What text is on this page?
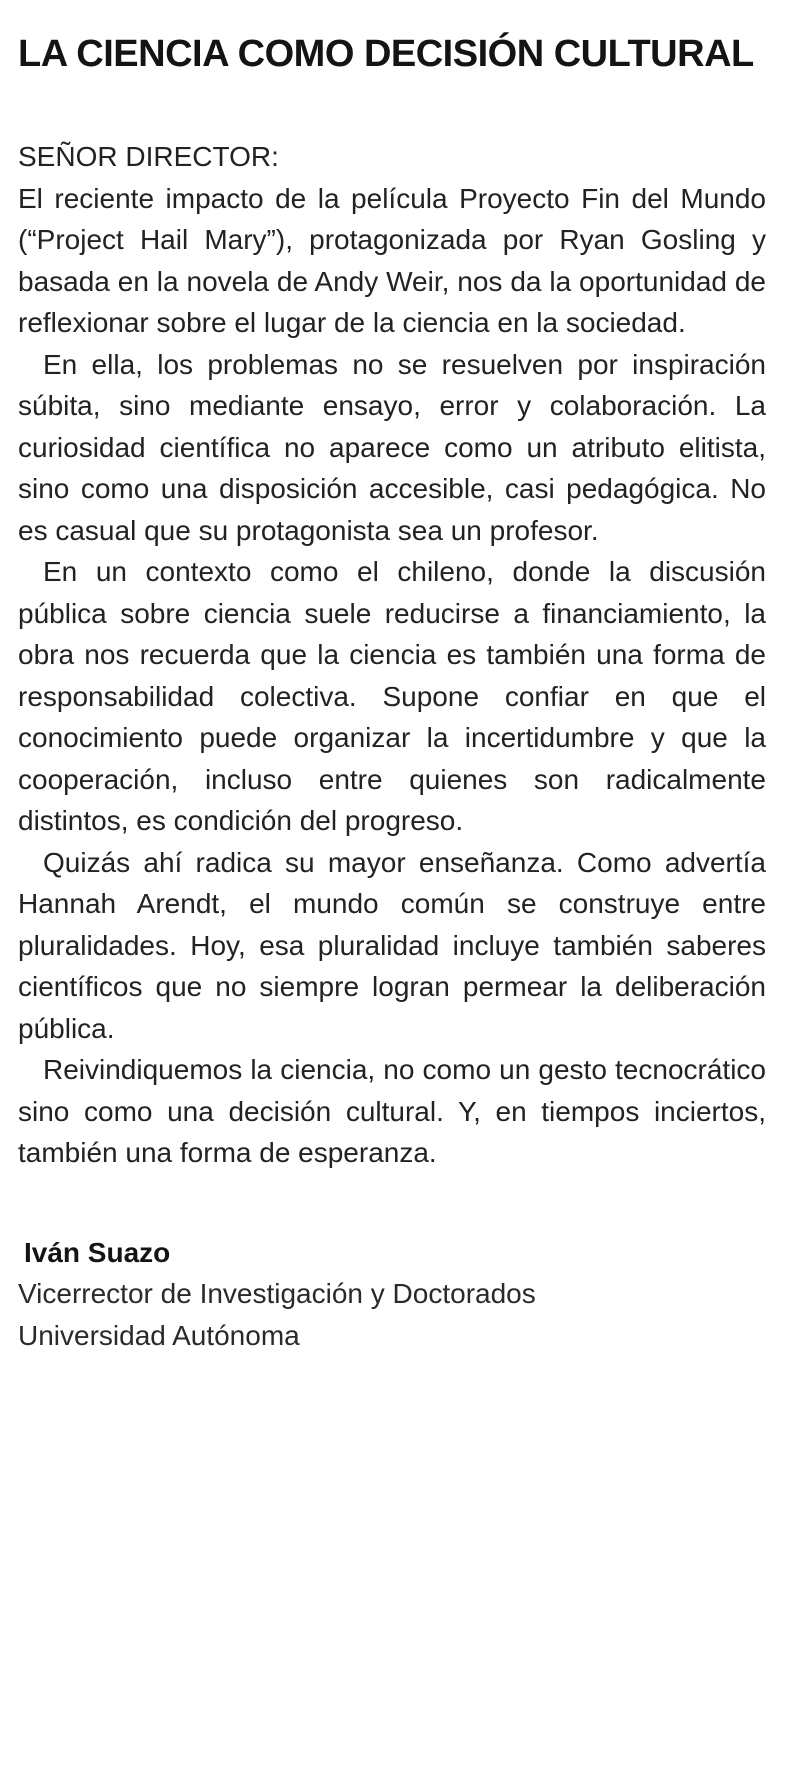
LA CIENCIA COMO DECISIÓN CULTURAL

SEÑOR DIRECTOR:

El reciente impacto de la película Proyecto Fin del Mundo (“Project Hail Mary”), protagonizada por Ryan Gosling y basada en la novela de Andy Weir, nos da la oportunidad de reflexionar sobre el lugar de la ciencia en la sociedad.

En ella, los problemas no se resuelven por inspiración súbita, sino mediante ensayo, error y colaboración. La curiosidad científica no aparece como un atributo elitista, sino como una disposición accesible, casi pedagógica. No es casual que su protagonista sea un profesor.

En un contexto como el chileno, donde la discusión pública sobre ciencia suele reducirse a financiamiento, la obra nos recuerda que la ciencia es también una forma de responsabilidad colectiva. Supone confiar en que el conocimiento puede organizar la incertidumbre y que la cooperación, incluso entre quienes son radicalmente distintos, es condición del progreso.

Quizás ahí radica su mayor enseñanza. Como advertía Hannah Arendt, el mundo común se construye entre pluralidades. Hoy, esa pluralidad incluye también saberes científicos que no siempre logran permear la deliberación pública.

Reivindiquemos la ciencia, no como un gesto tecnocrático sino como una decisión cultural. Y, en tiempos inciertos, también una forma de esperanza.

Iván Suazo

Vicerrector de Investigación y Doctorados

Universidad Autónoma
